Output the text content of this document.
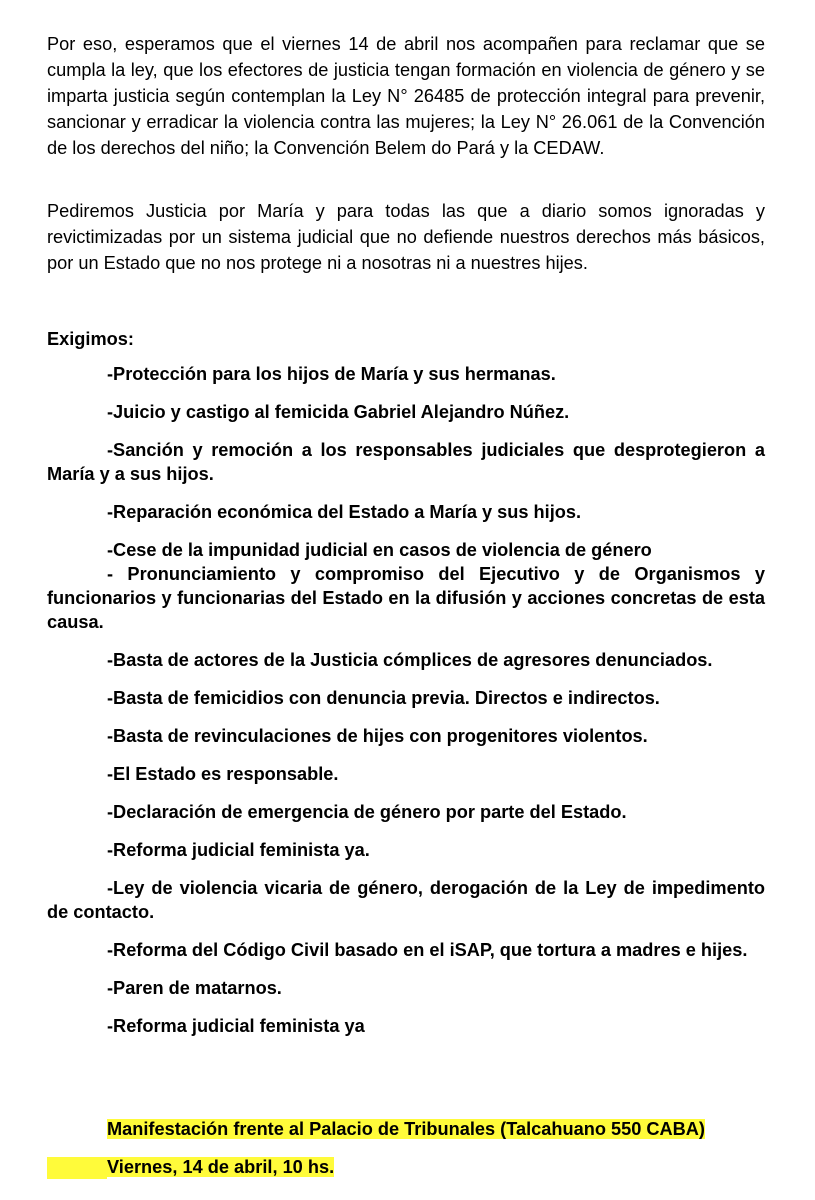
Por eso, esperamos que el viernes 14 de abril nos acompañen para reclamar que se cumpla la ley, que los efectores de justicia tengan formación en violencia de género y se imparta justicia según contemplan la Ley N° 26485 de protección integral para prevenir, sancionar y erradicar la violencia contra las mujeres; la Ley N° 26.061 de la Convención de los derechos del niño; la Convención Belem do Pará y la CEDAW.

Pediremos Justicia por María y para todas las que a diario somos ignoradas y revictimizadas por un sistema judicial que no defiende nuestros derechos más básicos, por un Estado que no nos protege ni a nosotras ni a nuestres hijes.

Exigimos:

-Protección para los hijos de María y sus hermanas.

-Juicio y castigo al femicida Gabriel Alejandro Núñez.

-Sanción y remoción a los responsables judiciales que desprotegieron a María y a sus hijos.

-Reparación económica del Estado a María y sus hijos.

-Cese de la impunidad judicial en casos de violencia de género

- Pronunciamiento y compromiso del Ejecutivo y de Organismos y funcionarios y funcionarias del Estado en la difusión y acciones concretas de esta causa.

-Basta de actores de la Justicia cómplices de agresores denunciados.

-Basta de femicidios con denuncia previa. Directos e indirectos.

-Basta de revinculaciones de hijes con progenitores violentos.

-El Estado es responsable.

-Declaración de emergencia de género por parte del Estado.

-Reforma judicial feminista ya.

-Ley de violencia vicaria de género, derogación de la Ley de impedimento de contacto.

-Reforma del Código Civil basado en el iSAP, que tortura a madres e hijes.

-Paren de matarnos.

-Reforma judicial feminista ya

Manifestación frente al Palacio de Tribunales (Talcahuano 550 CABA)
Viernes, 14 de abril, 10 hs.
